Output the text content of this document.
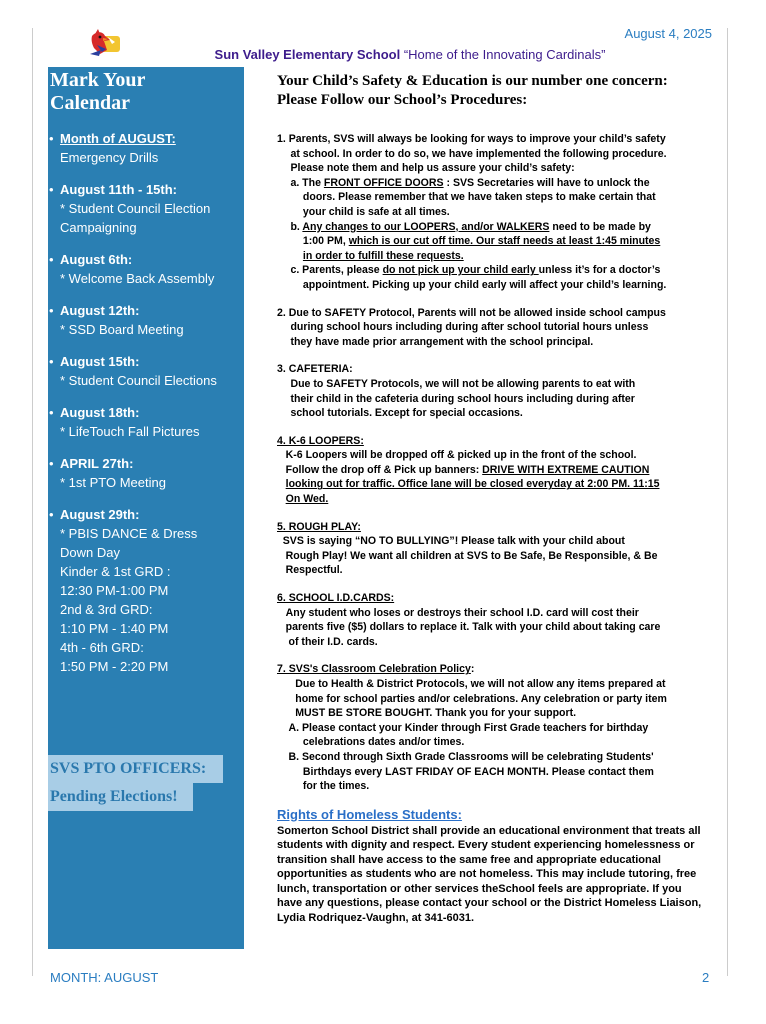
August 4, 2025
Sun Valley Elementary School “Home of the Innovating Cardinals”
Mark Your
Calendar
• Month of AUGUST:
Emergency Drills
• August 11th - 15th:
* Student Council Election
Campaigning
• August 6th:
* Welcome Back Assembly
• August 12th:
* SSD Board Meeting
• August 15th:
* Student Council Elections
• August 18th:
* LifeTouch Fall Pictures
• APRIL 27th:
* 1st PTO Meeting
• August 29th:
* PBIS DANCE & Dress
Down Day
Kinder & 1st GRD :
12:30 PM-1:00 PM
2nd & 3rd GRD:
1:10 PM - 1:40 PM
4th - 6th GRD:
1:50 PM - 2:20 PM
SVS PTO OFFICERS:
Pending Elections!
Your Child’s Safety & Education is our number one concern:
Please Follow our School’s Procedures:
1. Parents, SVS will always be looking for ways to improve your child’s safety
at school. In order to do so, we have implemented the following procedure.
Please note them and help us assure your child’s safety:
a. The FRONT OFFICE DOORS : SVS Secretaries will have to unlock the
doors. Please remember that we have taken steps to make certain that
your child is safe at all times.
b. Any changes to our LOOPERS, and/or WALKERS need to be made by
1:00 PM, which is our cut off time. Our staff needs at least 1:45 minutes
in order to fulfill these requests.
c. Parents, please do not pick up your child early unless it’s for a doctor’s
appointment. Picking up your child early will affect your child’s learning.
2. Due to SAFETY Protocol, Parents will not be allowed inside school campus
during school hours including during after school tutorial hours unless
they have made prior arrangement with the school principal.
3. CAFETERIA:
Due to SAFETY Protocols, we will not be allowing parents to eat with
their child in the cafeteria during school hours including during after
school tutorials. Except for special occasions.
4. K-6 LOOPERS:
K-6 Loopers will be dropped off & picked up in the front of the school.
Follow the drop off & Pick up banners: DRIVE WITH EXTREME CAUTION
looking out for traffic. Office lane will be closed everyday at 2:00 PM. 11:15
On Wed.
5. ROUGH PLAY:
SVS is saying “NO TO BULLYING”! Please talk with your child about
Rough Play! We want all children at SVS to Be Safe, Be Responsible, & Be
Respectful.
6. SCHOOL I.D.CARDS:
Any student who loses or destroys their school I.D. card will cost their
parents five ($5) dollars to replace it. Talk with your child about taking care
of their I.D. cards.
7. SVS's Classroom Celebration Policy:
Due to Health & District Protocols, we will not allow any items prepared at
home for school parties and/or celebrations. Any celebration or party item
MUST BE STORE BOUGHT. Thank you for your support.
A. Please contact your Kinder through First Grade teachers for birthday
celebrations dates and/or times.
B. Second through Sixth Grade Classrooms will be celebrating Students'
Birthdays every LAST FRIDAY OF EACH MONTH. Please contact them
for the times.
Rights of Homeless Students:
Somerton School District shall provide an educational environment that treats all
students with dignity and respect. Every student experiencing homelessness or
transition shall have access to the same free and appropriate educational
opportunities as students who are not homeless. This may include tutoring, free
lunch, transportation or other services theSchool feels are appropriate. If you
have any questions, please contact your school or the District Homeless Liaison,
Lydia Rodriquez-Vaughn, at 341-6031.
MONTH: AUGUST	2
